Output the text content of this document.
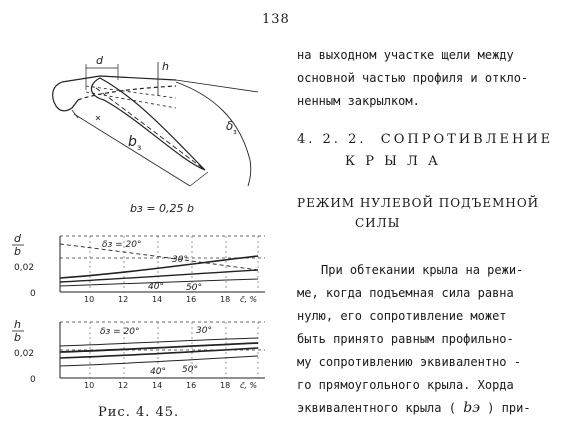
138
d	h
b з
δ з
bз = 0,25 b
d
b
0,02
0
10	12	14	16	18 c̄, %
δз = 20°
30°
40° 50°
h
b
0,02
0
10	12	14	16	18 c̄, %
δз = 20°	30°
40° 50°
Рис. 4. 45.
на выходном участке щели между
основной частью профиля и откло-
ненным закрылком.
4. 2. 2. СОПРОТИВЛЕНИЕ
К Р Ы Л А
РЕЖИМ НУЛЕВОЙ ПОДЪЕМНОЙ
СИЛЫ
При обтекании крыла на режи-
ме, когда подъемная сила равна
нулю, его сопротивление может
быть принято равным профильно-
му сопротивлению эквивалентно -
го прямоугольного крыла. Хорда
эквивалентного крыла ( bэ ) при-
